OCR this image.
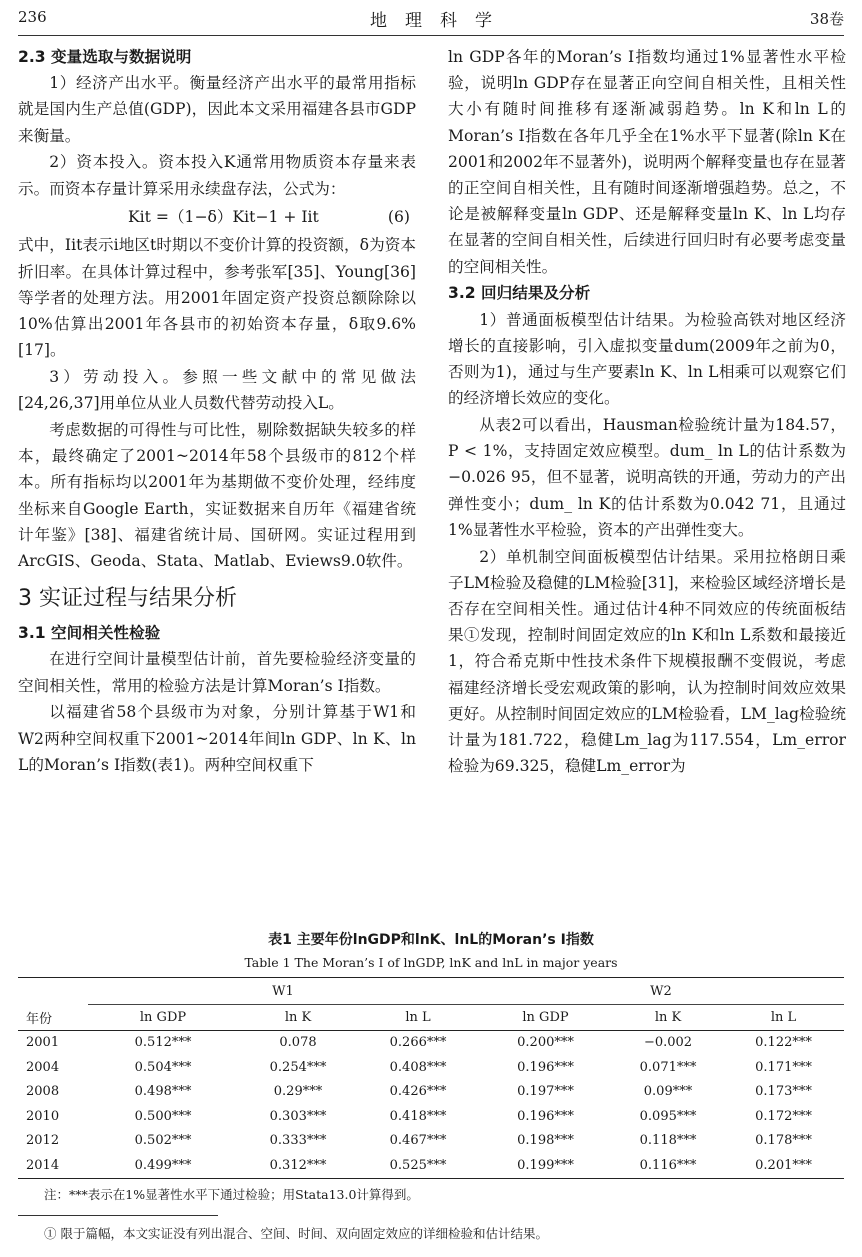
236	地理科学	38卷
2.3 变量选取与数据说明

1）经济产出水平。衡量经济产出水平的最常用指标就是国内生产总值(GDP)，因此本文采用福建各县市GDP来衡量。

2）资本投入。资本投入K通常用物质资本存量来表示。而资本存量计算采用永续盘存法，公式为：

Kit =（1−δ）Kit−1 + Iit	(6)

式中，Iit表示i地区t时期以不变价计算的投资额，δ为资本折旧率。在具体计算过程中，参考张军[35]、Young[36]等学者的处理方法。用2001年固定资产投资总额除除以10%估算出2001年各县市的初始资本存量，δ取9.6%[17]。

3）劳动投入。参照一些文献中的常见做法[24,26,37]用单位从业人员数代替劳动投入L。

考虑数据的可得性与可比性，剔除数据缺失较多的样本，最终确定了2001~2014年58个县级市的812个样本。所有指标均以2001年为基期做不变价处理，经纬度坐标来自Google Earth，实证数据来自历年《福建省统计年鉴》[38]、福建省统计局、国研网。实证过程用到ArcGIS、Geoda、Stata、Matlab、Eviews9.0软件。

3 实证过程与结果分析
3.1 空间相关性检验

在进行空间计量模型估计前，首先要检验经济变量的空间相关性，常用的检验方法是计算Moran’s I指数。

以福建省58个县级市为对象，分别计算基于W1和W2两种空间权重下2001~2014年间ln GDP、ln K、ln L的Moran’s I指数(表1)。两种空间权重下

ln GDP各年的Moran’s I指数均通过1%显著性水平检验，说明ln GDP存在显著正向空间自相关性，且相关性大小有随时间推移有逐渐减弱趋势。ln K和ln L的Moran’s I指数在各年几乎全在1%水平下显著(除ln K在2001和2002年不显著外)，说明两个解释变量也存在显著的正空间自相关性，且有随时间逐渐增强趋势。总之，不论是被解释变量ln GDP、还是解释变量ln K、ln L均存在显著的空间自相关性，后续进行回归时有必要考虑变量的空间相关性。

3.2 回归结果及分析

1）普通面板模型估计结果。为检验高铁对地区经济增长的直接影响，引入虚拟变量dum(2009年之前为0，否则为1)，通过与生产要素ln K、ln L相乘可以观察它们的经济增长效应的变化。

从表2可以看出，Hausman检验统计量为184.57，P < 1%，支持固定效应模型。dum_ ln L的估计系数为−0.026 95，但不显著，说明高铁的开通，劳动力的产出弹性变小；dum_ ln K的估计系数为0.042 71，且通过1%显著性水平检验，资本的产出弹性变大。

2）单机制空间面板模型估计结果。采用拉格朗日乘子LM检验及稳健的LM检验[31]，来检验区域经济增长是否存在空间相关性。通过估计4种不同效应的传统面板结果①发现，控制时间固定效应的ln K和ln L系数和最接近1，符合希克斯中性技术条件下规模报酬不变假说，考虑福建经济增长受宏观政策的影响，认为控制时间效应效果更好。从控制时间固定效应的LM检验看，LM_lag检验统计量为181.722，稳健Lm_lag为117.554，Lm_error检验为69.325，稳健Lm_error为

表1 主要年份lnGDP和lnK、lnL的Moran’s I指数
Table 1 The Moran’s I of lnGDP, lnK and lnL in major years
	W1			W2		
年份	ln GDP	ln K	ln L	ln GDP	ln K	ln L
2001	0.512***	0.078	0.266***	0.200***	−0.002	0.122***
2004	0.504***	0.254***	0.408***	0.196***	0.071***	0.171***
2008	0.498***	0.29***	0.426***	0.197***	0.09***	0.173***
2010	0.500***	0.303***	0.418***	0.196***	0.095***	0.172***
2012	0.502***	0.333***	0.467***	0.198***	0.118***	0.178***
2014	0.499***	0.312***	0.525***	0.199***	0.116***	0.201***
注：***表示在1%显著性水平下通过检验；用Stata13.0计算得到。
① 限于篇幅，本文实证没有列出混合、空间、时间、双向固定效应的详细检验和估计结果。
